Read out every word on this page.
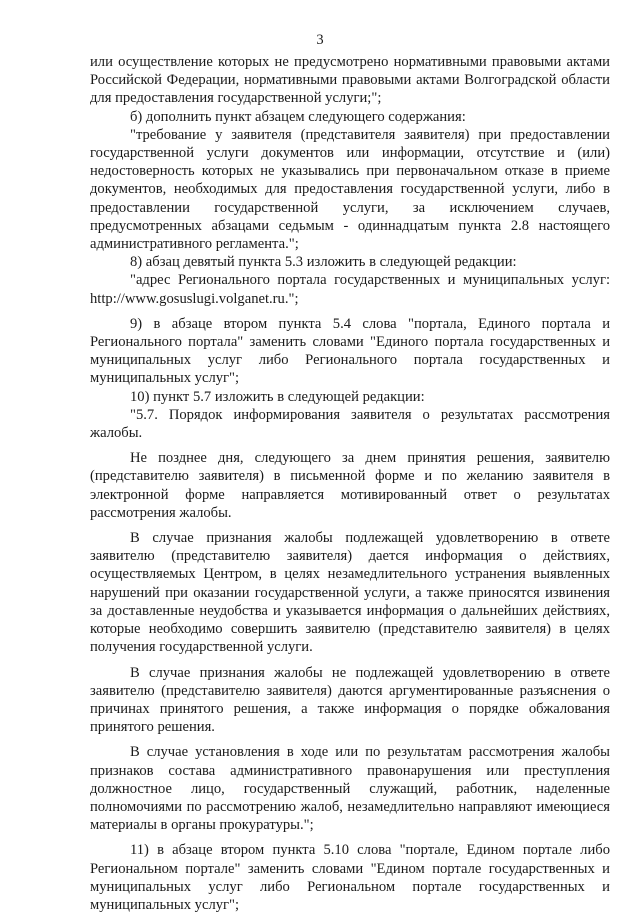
3

или осуществление которых не предусмотрено нормативными правовыми актами Российской Федерации, нормативными правовыми актами Волгоградской области для предоставления государственной услуги;";

б) дополнить пункт абзацем следующего содержания:

"требование у заявителя (представителя заявителя) при предоставлении государственной услуги документов или информации, отсутствие и (или) недостоверность которых не указывались при первоначальном отказе в приеме документов, необходимых для предоставления государственной услуги, либо в предоставлении государственной услуги, за исключением случаев, предусмотренных абзацами седьмым - одиннадцатым пункта 2.8 настоящего административного регламента.";

8) абзац девятый пункта 5.3 изложить в следующей редакции:

"адрес Регионального портала государственных и муниципальных услуг: http://www.gosuslugi.volganet.ru.";

9) в абзаце втором пункта 5.4 слова "портала, Единого портала и Регионального портала" заменить словами "Единого портала государственных и муниципальных услуг либо Регионального портала государственных и муниципальных услуг";

10) пункт 5.7 изложить в следующей редакции:

"5.7. Порядок информирования заявителя о результатах рассмотрения жалобы.

Не позднее дня, следующего за днем принятия решения, заявителю (представителю заявителя) в письменной форме и по желанию заявителя в электронной форме направляется мотивированный ответ о результатах рассмотрения жалобы.

В случае признания жалобы подлежащей удовлетворению в ответе заявителю (представителю заявителя) дается информация о действиях, осуществляемых Центром, в целях незамедлительного устранения выявленных нарушений при оказании государственной услуги, а также приносятся извинения за доставленные неудобства и указывается информация о дальнейших действиях, которые необходимо совершить заявителю (представителю заявителя) в целях получения государственной услуги.

В случае признания жалобы не подлежащей удовлетворению в ответе заявителю (представителю заявителя) даются аргументированные разъяснения о причинах принятого решения, а также информация о порядке обжалования принятого решения.

В случае установления в ходе или по результатам рассмотрения жалобы признаков состава административного правонарушения или преступления должностное лицо, государственный служащий, работник, наделенные полномочиями по рассмотрению жалоб, незамедлительно направляют имеющиеся материалы в органы прокуратуры.";

11) в абзаце втором пункта 5.10 слова "портале, Едином портале либо Региональном портале" заменить словами "Едином портале государственных и муниципальных услуг либо Региональном портале государственных и муниципальных услуг";
